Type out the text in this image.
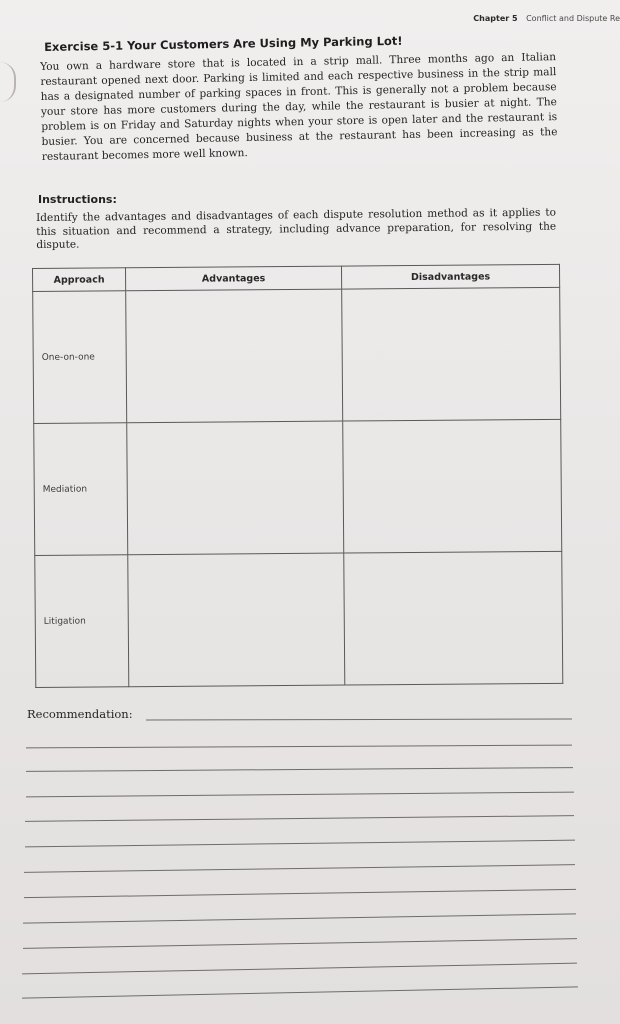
Chapter 5 Conflict and Dispute Re
Exercise 5-1 Your Customers Are Using My Parking Lot!
You own a hardware store that is located in a strip mall. Three months ago an Italian restaurant opened next door. Parking is limited and each respective business in the strip mall has a designated number of parking spaces in front. This is generally not a problem because your store has more customers during the day, while the restaurant is busier at night. The problem is on Friday and Saturday nights when your store is open later and the restaurant is busier. You are concerned because business at the restaurant has been increasing as the restaurant becomes more well known.
Instructions:
Identify the advantages and disadvantages of each dispute resolution method as it applies to this situation and recommend a strategy, including advance preparation, for resolving the dispute.
Approach	Advantages	Disadvantages
One-on-one		
Mediation		
Litigation		
Recommendation:
